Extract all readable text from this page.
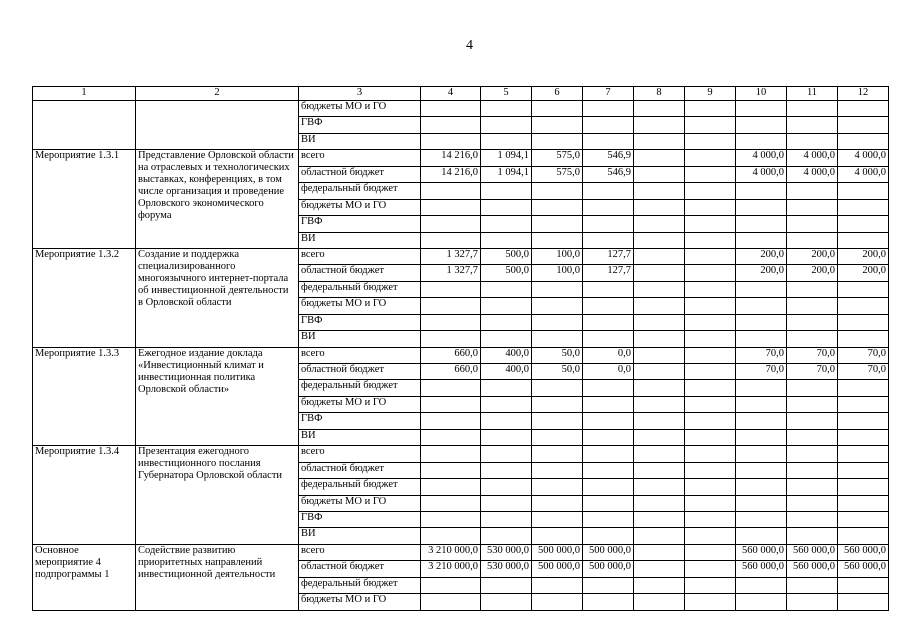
4
1	2	3	4	5	6	7	8	9	10	11	12
		бюджеты МО и ГО									
		ГВФ									
		ВИ									
Мероприятие 1.3.1	Представление Орловской области на отраслевых и технологических выставках, конференциях, в том числе организация и проведение Орловского экономического форума	всего	14 216,0	1 094,1	575,0	546,9			4 000,0	4 000,0	4 000,0
		областной бюджет	14 216,0	1 094,1	575,0	546,9			4 000,0	4 000,0	4 000,0
		федеральный бюджет									
		бюджеты МО и ГО									
		ГВФ									
		ВИ									
Мероприятие 1.3.2	Создание и поддержка специализированного многоязычного интернет-портала об инвестиционной деятельности в Орловской области	всего	1 327,7	500,0	100,0	127,7			200,0	200,0	200,0
		областной бюджет	1 327,7	500,0	100,0	127,7			200,0	200,0	200,0
		федеральный бюджет									
		бюджеты МО и ГО									
		ГВФ									
		ВИ									
Мероприятие 1.3.3	Ежегодное издание доклада «Инвестиционный климат и инвестиционная политика Орловской области»	всего	660,0	400,0	50,0	0,0			70,0	70,0	70,0
		областной бюджет	660,0	400,0	50,0	0,0			70,0	70,0	70,0
		федеральный бюджет									
		бюджеты МО и ГО									
		ГВФ									
		ВИ									
Мероприятие 1.3.4	Презентация ежегодного инвестиционного послания Губернатора Орловской области	всего									
		областной бюджет									
		федеральный бюджет									
		бюджеты МО и ГО									
		ГВФ									
		ВИ									
Основное мероприятие 4 подпрограммы 1	Содействие развитию приоритетных направлений инвестиционной деятельности	всего	3 210 000,0	530 000,0	500 000,0	500 000,0			560 000,0	560 000,0	560 000,0
		областной бюджет	3 210 000,0	530 000,0	500 000,0	500 000,0			560 000,0	560 000,0	560 000,0
		федеральный бюджет									
		бюджеты МО и ГО									
